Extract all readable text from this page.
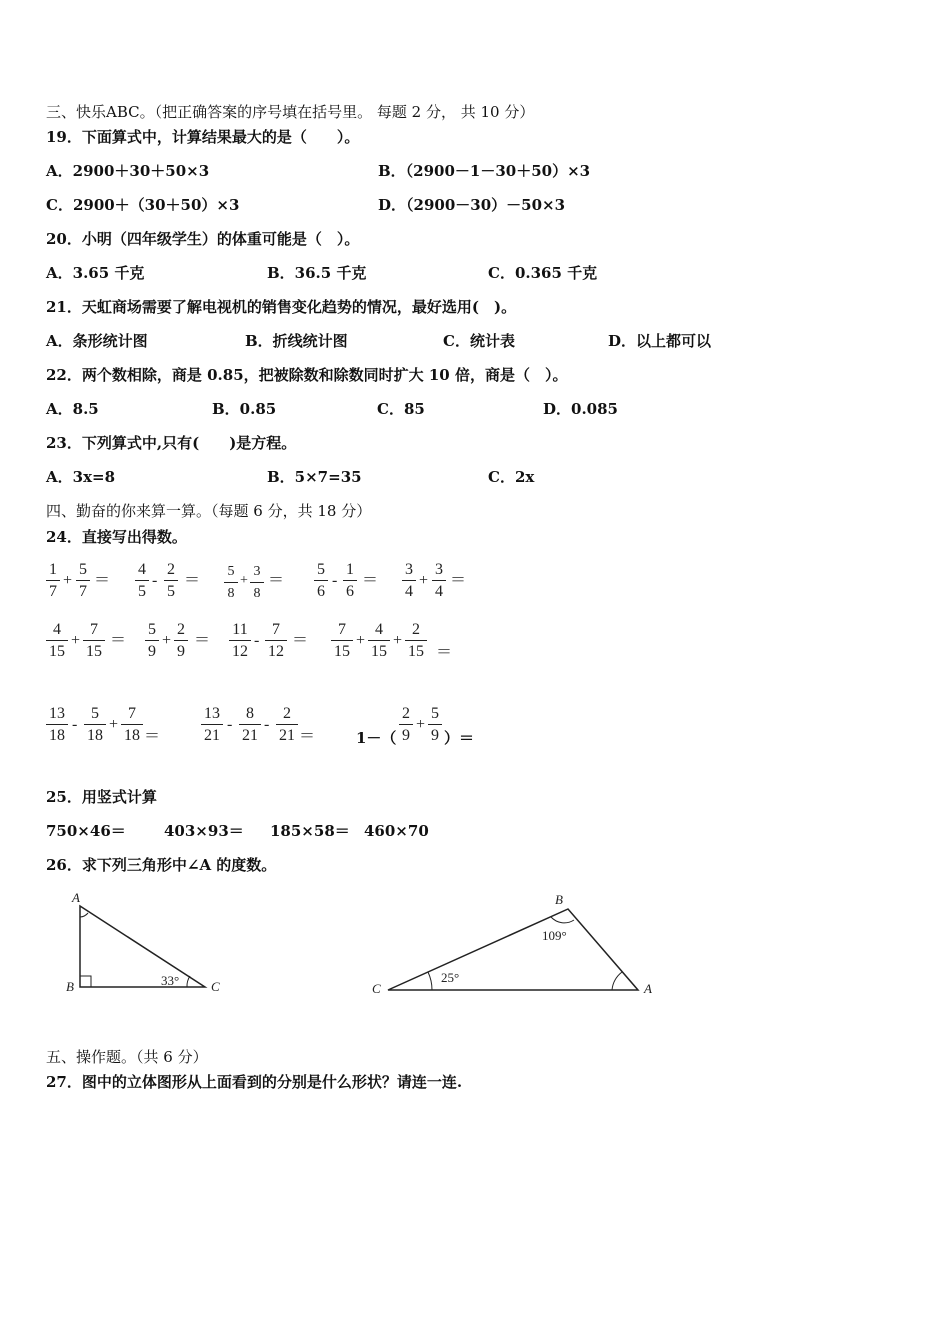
三、快乐ABC。（把正确答案的序号填在括号里。 每题 2 分， 共 10 分）
19．下面算式中，计算结果最大的是（　　）。
A．2900＋30＋50×3	B．（2900－1－30＋50）×3
C．2900＋（30＋50）×3	D．（2900－30）－50×3
20．小明（四年级学生）的体重可能是（　）。
A．3.65 千克	B．36.5 千克	C．0.365 千克
21．天虹商场需要了解电视机的销售变化趋势的情况，最好选用(　)。
A．条形统计图	B．折线统计图	C．统计表	D．以上都可以
22．两个数相除，商是 0.85，把被除数和除数同时扩大 10 倍，商是（　）。
A．8.5	B．0.85	C．85	D．0.085
23．下列算式中,只有(　　)是方程。
A．3x=8	B．5×7=35	C．2x
四、勤奋的你来算一算。（每题 6 分，共 18 分）
24．直接写出得数。
1
7
+
5
7
＝
4
5
-
2
5
＝
5
8
+
3
8
＝
5
6
-
1
6
＝
3
4
+
3
4
＝
4
15
+
7
15
＝
5
9
+
2
9
＝
11
12
-
7
12
＝
7
15
+
4
15
+
2
15 ＝
13
18
-
5
18
+
7
18 ＝
13
21
-
8
21
-
2
21 ＝	1－（
2
9
+
5
9 ）＝
25．用竖式计算
750×46＝	403×93＝ 185×58＝ 460×70
26．求下列三角形中∠A 的度数。
A
B	C
33°
B
C	A
109°
25°
五、操作题。（共 6 分）
27．图中的立体图形从上面看到的分别是什么形状？请连一连.
